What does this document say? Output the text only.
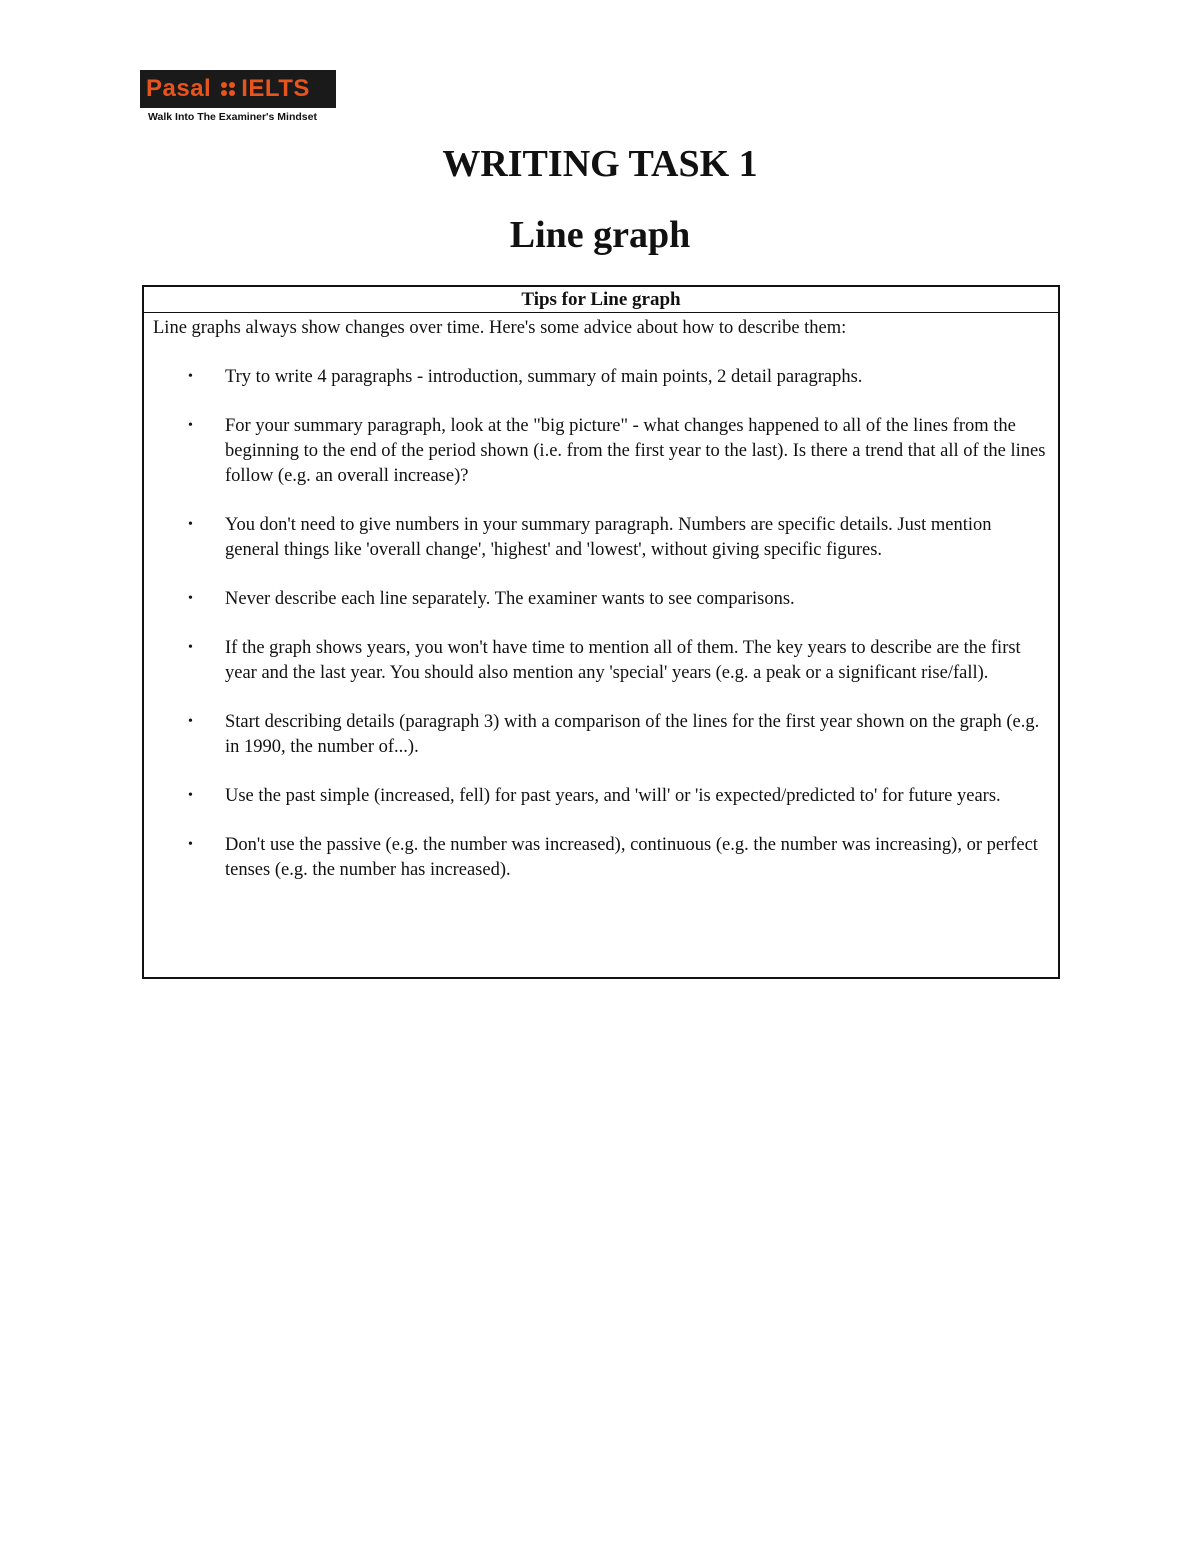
Pasal IELTS
Walk Into The Examiner's Mindset
WRITING TASK 1
Line graph
Tips for Line graph
Line graphs always show changes over time. Here's some advice about how to describe them:
• Try to write 4 paragraphs - introduction, summary of main points, 2 detail paragraphs.
• For your summary paragraph, look at the "big picture" - what changes happened to all of the lines from the beginning to the end of the period shown (i.e. from the first year to the last). Is there a trend that all of the lines follow (e.g. an overall increase)?
• You don't need to give numbers in your summary paragraph. Numbers are specific details. Just mention general things like 'overall change', 'highest' and 'lowest', without giving specific figures.
• Never describe each line separately. The examiner wants to see comparisons.
• If the graph shows years, you won't have time to mention all of them. The key years to describe are the first year and the last year. You should also mention any 'special' years (e.g. a peak or a significant rise/fall).
• Start describing details (paragraph 3) with a comparison of the lines for the first year shown on the graph (e.g. in 1990, the number of...).
• Use the past simple (increased, fell) for past years, and 'will' or 'is expected/predicted to' for future years.
• Don't use the passive (e.g. the number was increased), continuous (e.g. the number was increasing), or perfect tenses (e.g. the number has increased).
